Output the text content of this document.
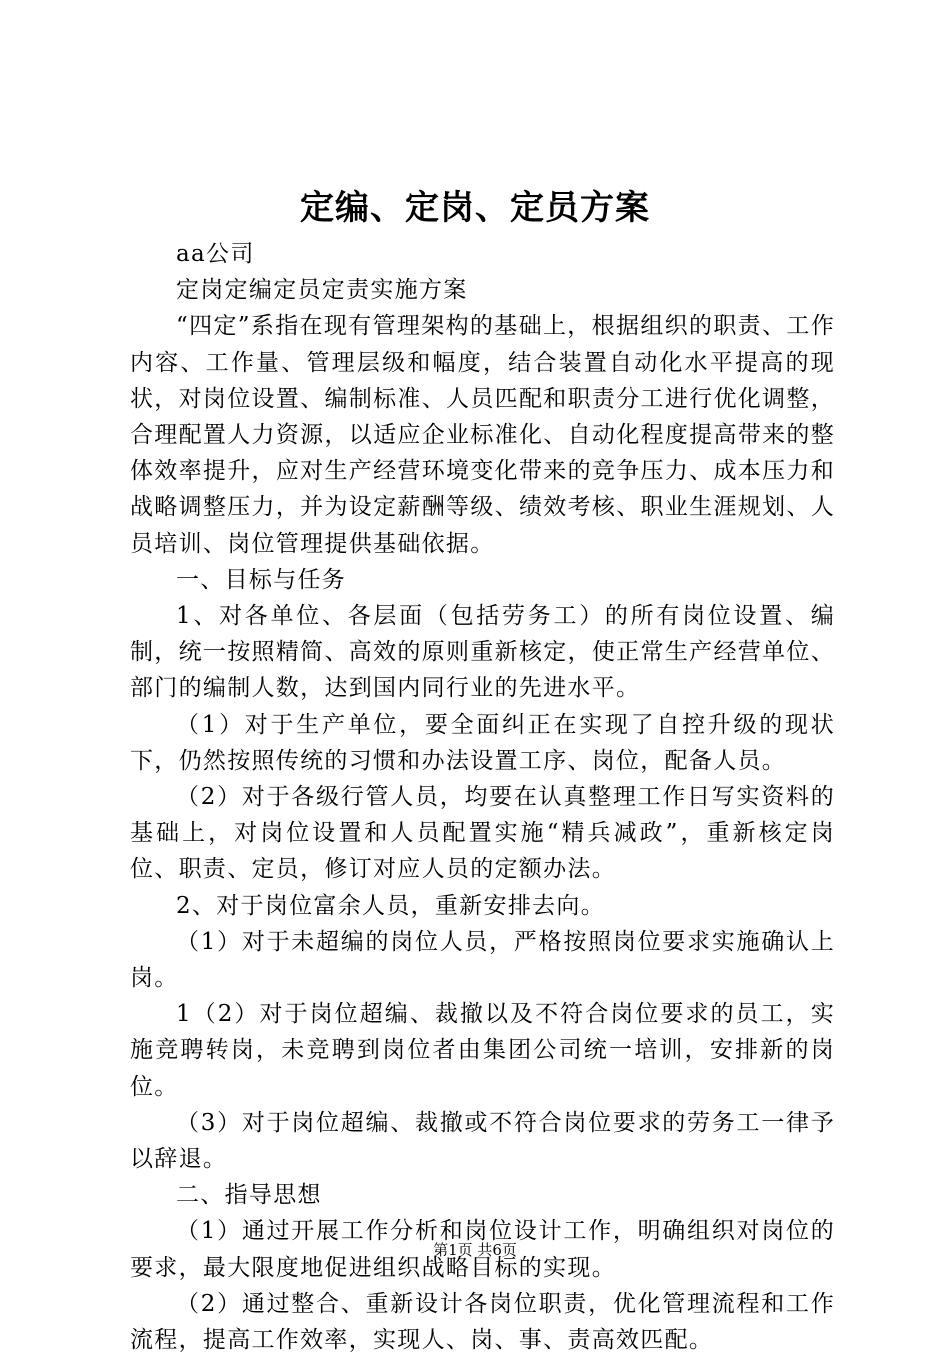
定编、定岗、定员方案

aa公司

定岗定编定员定责实施方案

“四定”系指在现有管理架构的基础上，根据组织的职责、工作内容、工作量、管理层级和幅度，结合装置自动化水平提高的现状，对岗位设置、编制标准、人员匹配和职责分工进行优化调整，合理配置人力资源，以适应企业标准化、自动化程度提高带来的整体效率提升，应对生产经营环境变化带来的竞争压力、成本压力和战略调整压力，并为设定薪酬等级、绩效考核、职业生涯规划、人员培训、岗位管理提供基础依据。

一、目标与任务

1、对各单位、各层面（包括劳务工）的所有岗位设置、编制，统一按照精简、高效的原则重新核定，使正常生产经营单位、部门的编制人数，达到国内同行业的先进水平。

（1）对于生产单位，要全面纠正在实现了自控升级的现状下，仍然按照传统的习惯和办法设置工序、岗位，配备人员。

（2）对于各级行管人员，均要在认真整理工作日写实资料的基础上，对岗位设置和人员配置实施“精兵减政”，重新核定岗位、职责、定员，修订对应人员的定额办法。

2、对于岗位富余人员，重新安排去向。

（1）对于未超编的岗位人员，严格按照岗位要求实施确认上岗。

1（2）对于岗位超编、裁撤以及不符合岗位要求的员工，实施竞聘转岗，未竞聘到岗位者由集团公司统一培训，安排新的岗位。

（3）对于岗位超编、裁撤或不符合岗位要求的劳务工一律予以辞退。

二、指导思想

（1）通过开展工作分析和岗位设计工作，明确组织对岗位的要求，最大限度地促进组织战略目标的实现。

（2）通过整合、重新设计各岗位职责，优化管理流程和工作流程，提高工作效率，实现人、岗、事、责高效匹配。

第1页 共6页
